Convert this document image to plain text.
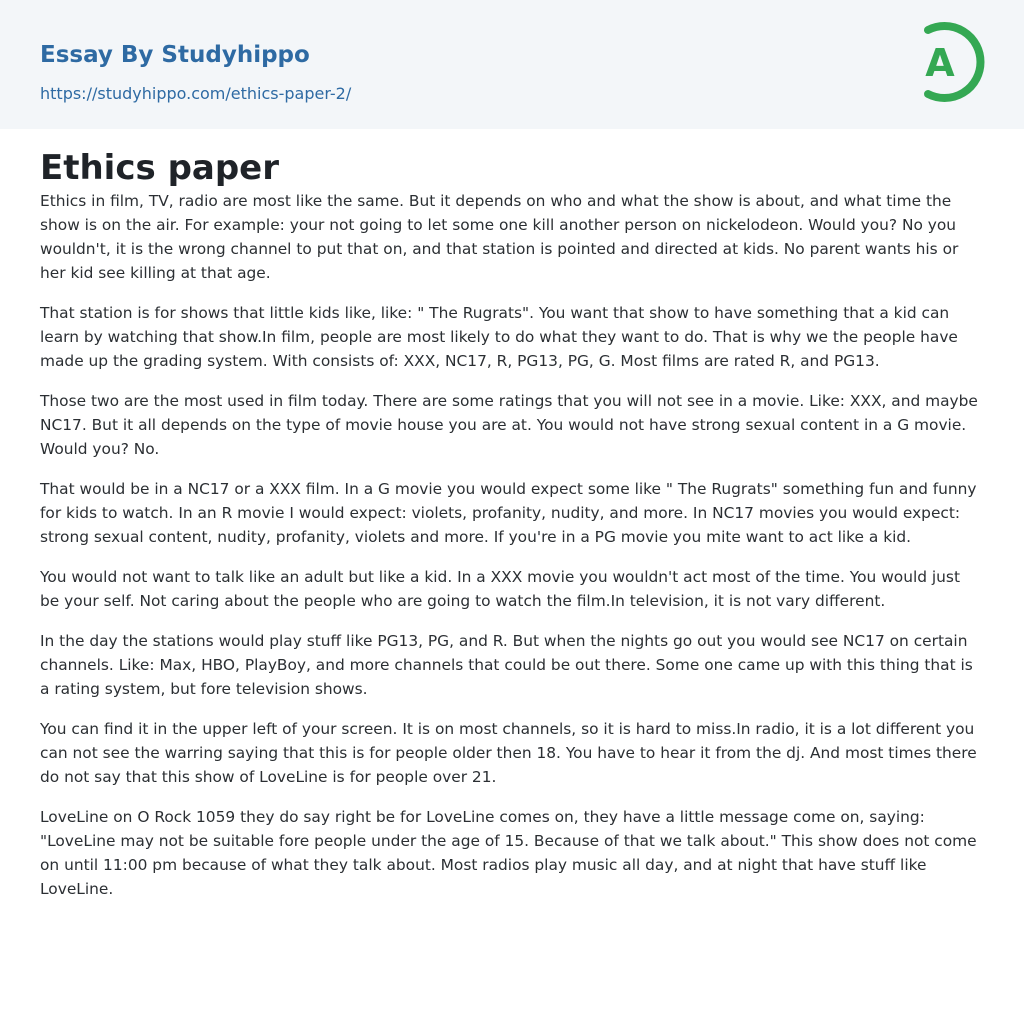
Essay By Studyhippo
https://studyhippo.com/ethics-paper-2/
A
Ethics paper

Ethics in film, TV, radio are most like the same. But it depends on who and what the show is about, and what time the show is on the air. For example: your not going to let some one kill another person on nickelodeon. Would you? No you wouldn't, it is the wrong channel to put that on, and that station is pointed and directed at kids. No parent wants his or her kid see killing at that age.

That station is for shows that little kids like, like: " The Rugrats". You want that show to have something that a kid can learn by watching that show.In film, people are most likely to do what they want to do. That is why we the people have made up the grading system. With consists of: XXX, NC17, R, PG13, PG, G. Most films are rated R, and PG13.

Those two are the most used in film today. There are some ratings that you will not see in a movie. Like: XXX, and maybe NC17. But it all depends on the type of movie house you are at. You would not have strong sexual content in a G movie. Would you? No.

That would be in a NC17 or a XXX film. In a G movie you would expect some like " The Rugrats" something fun and funny for kids to watch. In an R movie I would expect: violets, profanity, nudity, and more. In NC17 movies you would expect: strong sexual content, nudity, profanity, violets and more. If you're in a PG movie you mite want to act like a kid.

You would not want to talk like an adult but like a kid. In a XXX movie you wouldn't act most of the time. You would just be your self. Not caring about the people who are going to watch the film.In television, it is not vary different.

In the day the stations would play stuff like PG13, PG, and R. But when the nights go out you would see NC17 on certain channels. Like: Max, HBO, PlayBoy, and more channels that could be out there. Some one came up with this thing that is a rating system, but fore television shows.

You can find it in the upper left of your screen. It is on most channels, so it is hard to miss.In radio, it is a lot different you can not see the warring saying that this is for people older then 18. You have to hear it from the dj. And most times there do not say that this show of LoveLine is for people over 21.

LoveLine on O Rock 1059 they do say right be for LoveLine comes on, they have a little message come on, saying: "LoveLine may not be suitable fore people under the age of 15. Because of that we talk about." This show does not come on until 11:00 pm because of what they talk about. Most radios play music all day, and at night that have stuff like LoveLine.
